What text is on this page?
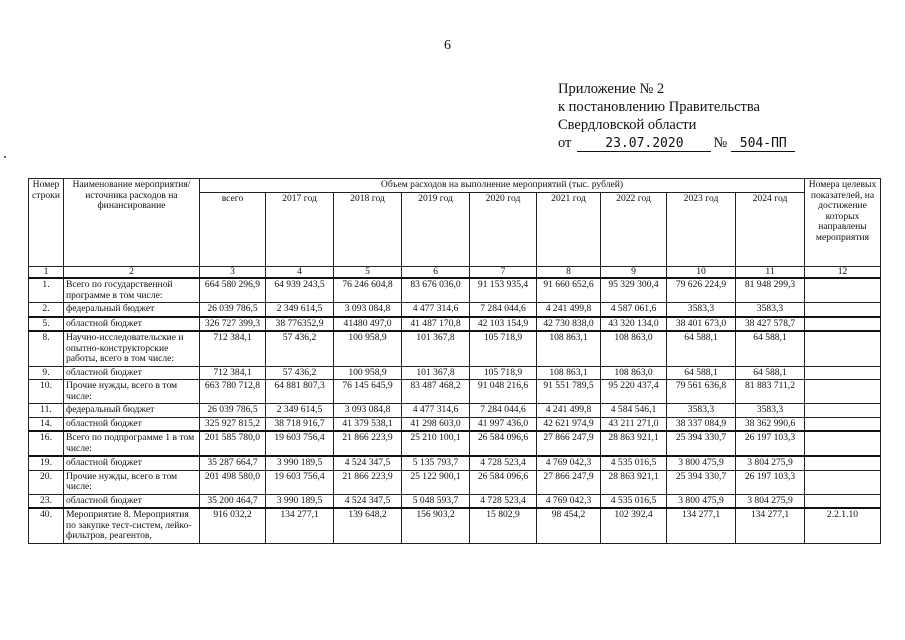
6
Приложение № 2
к постановлению Правительства
Свердловской области
от	23.07.2020	№ 504-ПП
Номер строки	Наименование мероприятия/ источника расходов на финансирование	Объем расходов на выполнение мероприятий (тыс. рублей)									Номера целевых показателей, на достижение которых направлены мероприятия
		всего	2017 год	2018 год	2019 год	2020 год	2021 год	2022 год	2023 год	2024 год	
1	2	3	4	5	6	7	8	9	10	11	12
1.	Всего по государственной программе в том числе:	664 580 296,9	64 939 243,5	76 246 604,8	83 676 036,0	91 153 935,4	91 660 652,6	95 329 300,4	79 626 224,9	81 948 299,3	
2.	федеральный бюджет	26 039 786,5	2 349 614,5	3 093 084,8	4 477 314,6	7 284 044,6	4 241 499,8	4 587 061,6	3583,3	3583,3	
5.	областной бюджет	326 727 399,3	38 776352,9	41480 497,0	41 487 170,8	42 103 154,9	42 730 838,0	43 320 134,0	38 401 673,0	38 427 578,7	
8.	Научно-исследовательские и опытно-конструкторские работы, всего в том числе:	712 384,1	57 436,2	100 958,9	101 367,8	105 718,9	108 863,1	108 863,0	64 588,1	64 588,1	
9.	областной бюджет	712 384,1	57 436,2	100 958,9	101 367,8	105 718,9	108 863,1	108 863,0	64 588,1	64 588,1	
10.	Прочие нужды, всего в том числе:	663 780 712,8	64 881 807,3	76 145 645,9	83 487 468,2	91 048 216,6	91 551 789,5	95 220 437,4	79 561 636,8	81 883 711,2	
11.	федеральный бюджет	26 039 786,5	2 349 614,5	3 093 084,8	4 477 314,6	7 284 044,6	4 241 499,8	4 584 546,1	3583,3	3583,3	
14.	областной бюджет	325 927 815,2	38 718 916,7	41 379 538,1	41 298 603,0	41 997 436,0	42 621 974,9	43 211 271,0	38 337 084,9	38 362 990,6	
16.	Всего по подпрограмме 1 в том числе:	201 585 780,0	19 603 756,4	21 866 223,9	25 210 100,1	26 584 096,6	27 866 247,9	28 863 921,1	25 394 330,7	26 197 103,3	
19.	областной бюджет	35 287 664,7	3 990 189,5	4 524 347,5	5 135 793,7	4 728 523,4	4 769 042,3	4 535 016,5	3 800 475,9	3 804 275,9	
20.	Прочие нужды, всего в том числе:	201 498 580,0	19 603 756,4	21 866 223,9	25 122 900,1	26 584 096,6	27 866 247,9	28 863 921,1	25 394 330,7	26 197 103,3	
23.	областной бюджет	35 200 464,7	3 990 189,5	4 524 347,5	5 048 593,7	4 728 523,4	4 769 042,3	4 535 016,5	3 800 475,9	3 804 275,9	
40.	Мероприятие 8. Мероприятия по закупке тест-систем, лейко-фильтров, реагентов,	916 032,2	134 277,1	139 648,2	156 903,2	15 802,9	98 454,2	102 392,4	134 277,1	134 277,1	2.2.1.10
